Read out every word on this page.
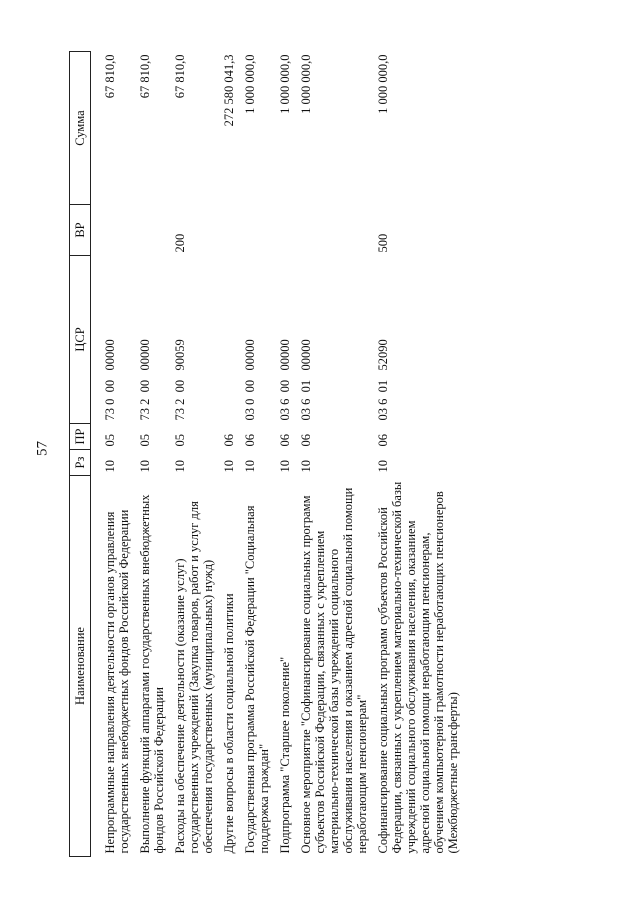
57
Наименование	Рз	ПР	ЦСР	ВР	Сумма
Непрограммные направления деятельности органов управления государственных внебюджетных фондов Российской Федерации	10	05	73 0  00   00000		67 810,0
Выполнение функций аппаратами государственных внебюджетных фондов Российской Федерации	10	05	73 2  00   00000		67 810,0
Расходы на обеспечение деятельности (оказание услуг) государственных учреждений (Закупка товаров, работ и услуг для обеспечения государственных (муниципальных) нужд)	10	05	73 2  00   90059	200	67 810,0
Другие вопросы в области социальной политики	10	06			272 580 041,3
Государственная программа Российской Федерации "Социальная поддержка граждан"	10	06	03 0  00   00000		1 000 000,0
Подпрограмма "Старшее поколение"	10	06	03 6  00   00000		1 000 000,0
Основное мероприятие "Софинансирование социальных программ субъектов Российской Федерации, связанных с укреплением материально-технической базы учреждений социального обслуживания населения и оказанием адресной социальной помощи неработающим пенсионерам"	10	06	03 6  01   00000		1 000 000,0
Софинансирование социальных программ субъектов Российской Федерации, связанных с укреплением материально-технической базы учреждений социального обслуживания населения, оказанием адресной социальной помощи неработающим пенсионерам, обучением компьютерной грамотности неработающих пенсионеров (Межбюджетные трансферты)	10	06	03 6  01   52090	500	1 000 000,0
